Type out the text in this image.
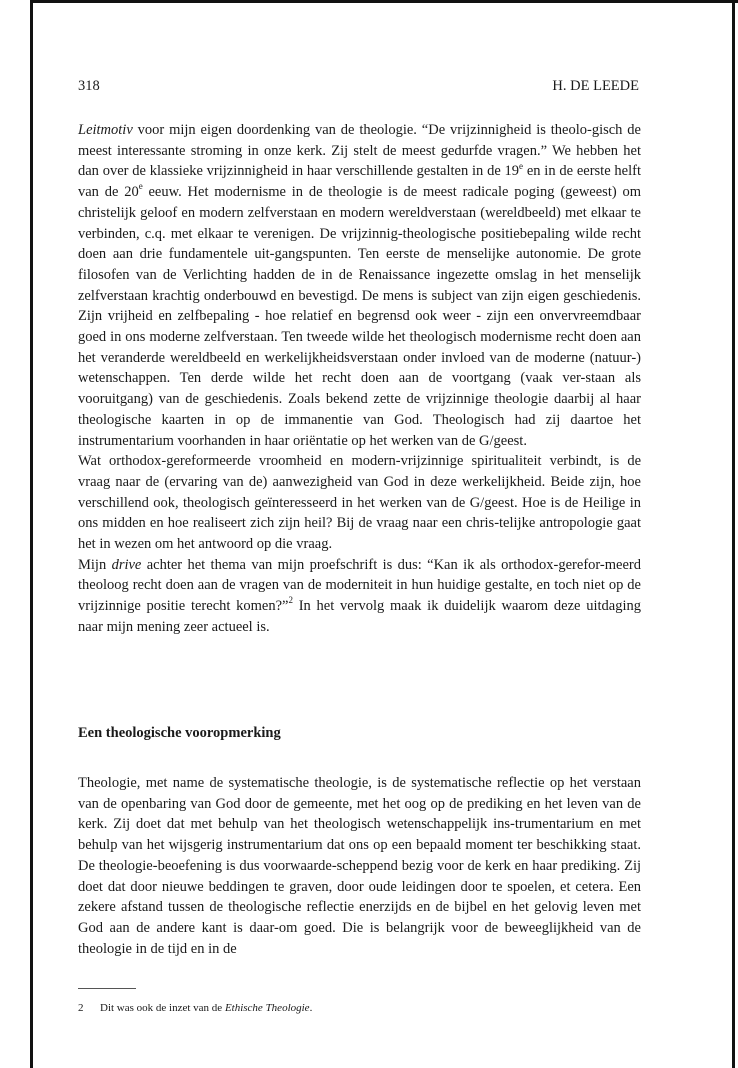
318	H. DE LEEDE

Leitmotiv voor mijn eigen doordenking van de theologie. “De vrijzinnigheid is theolo-gisch de meest interessante stroming in onze kerk. Zij stelt de meest gedurfde vragen.” We hebben het dan over de klassieke vrijzinnigheid in haar verschillende gestalten in de 19e en in de eerste helft van de 20e eeuw. Het modernisme in de theologie is de meest radicale poging (geweest) om christelijk geloof en modern zelfverstaan en modern wereldverstaan (wereldbeeld) met elkaar te verbinden, c.q. met elkaar te verenigen. De vrijzinnig-theologische positiebepaling wilde recht doen aan drie fundamentele uit-gangspunten. Ten eerste de menselijke autonomie. De grote filosofen van de Verlichting hadden de in de Renaissance ingezette omslag in het menselijk zelfverstaan krachtig onderbouwd en bevestigd. De mens is subject van zijn eigen geschiedenis. Zijn vrijheid en zelfbepaling - hoe relatief en begrensd ook weer - zijn een onvervreemdbaar goed in ons moderne zelfverstaan. Ten tweede wilde het theologisch modernisme recht doen aan het veranderde wereldbeeld en werkelijkheidsverstaan onder invloed van de moderne (natuur-) wetenschappen. Ten derde wilde het recht doen aan de voortgang (vaak ver-staan als vooruitgang) van de geschiedenis. Zoals bekend zette de vrijzinnige theologie daarbij al haar theologische kaarten in op de immanentie van God. Theologisch had zij daartoe het instrumentarium voorhanden in haar oriëntatie op het werken van de G/geest.

Wat orthodox-gereformeerde vroomheid en modern-vrijzinnige spiritualiteit verbindt, is de vraag naar de (ervaring van de) aanwezigheid van God in deze werkelijkheid. Beide zijn, hoe verschillend ook, theologisch geïnteresseerd in het werken van de G/geest. Hoe is de Heilige in ons midden en hoe realiseert zich zijn heil? Bij de vraag naar een chris-telijke antropologie gaat het in wezen om het antwoord op die vraag.

Mijn drive achter het thema van mijn proefschrift is dus: “Kan ik als orthodox-gerefor-meerd theoloog recht doen aan de vragen van de moderniteit in hun huidige gestalte, en toch niet op de vrijzinnige positie terecht komen?”$^2$ In het vervolg maak ik duidelijk waarom deze uitdaging naar mijn mening zeer actueel is.

Een theologische vooropmerking

Theologie, met name de systematische theologie, is de systematische reflectie op het verstaan van de openbaring van God door de gemeente, met het oog op de prediking en het leven van de kerk. Zij doet dat met behulp van het theologisch wetenschappelijk ins-trumentarium en met behulp van het wijsgerig instrumentarium dat ons op een bepaald moment ter beschikking staat. De theologie-beoefening is dus voorwaarde-scheppend bezig voor de kerk en haar prediking. Zij doet dat door nieuwe beddingen te graven, door oude leidingen door te spoelen, et cetera. Een zekere afstand tussen de theologische reflectie enerzijds en de bijbel en het gelovig leven met God aan de andere kant is daar-om goed. Die is belangrijk voor de beweeglijkheid van de theologie in de tijd en in de

2 Dit was ook de inzet van de Ethische Theologie.
